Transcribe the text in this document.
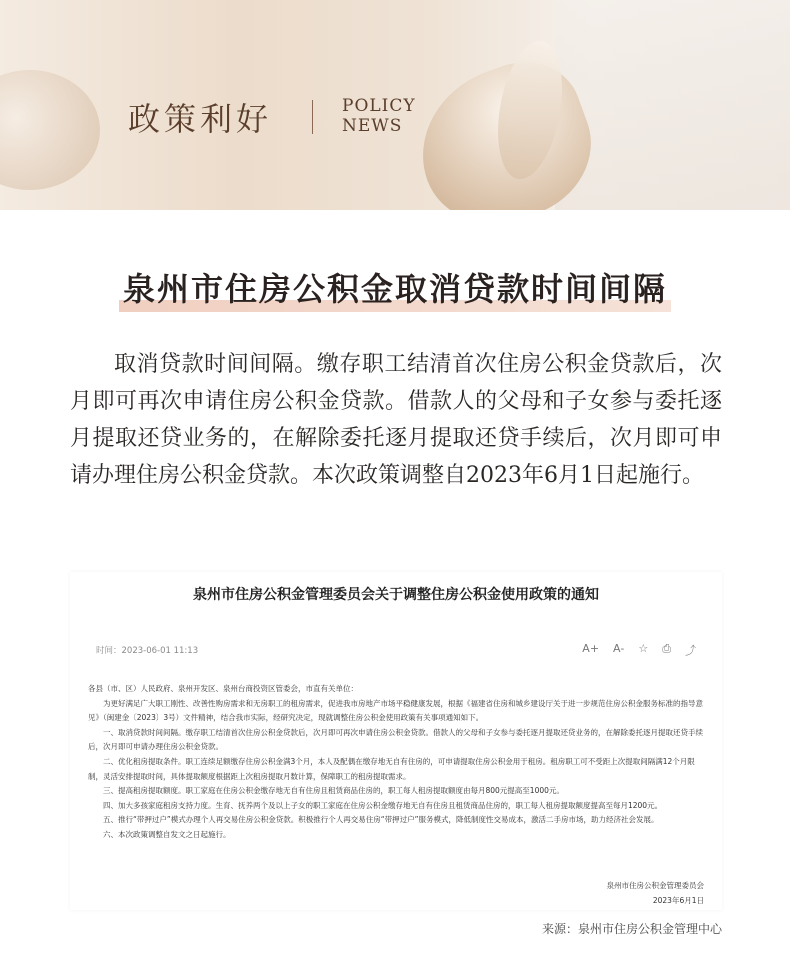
政策利好	POLICY
NEWS
泉州市住房公积金取消贷款时间间隔
取消贷款时间间隔。缴存职工结清首次住房公积金贷款后，次月即可再次申请住房公积金贷款。借款人的父母和子女参与委托逐月提取还贷业务的，在解除委托逐月提取还贷手续后，次月即可申请办理住房公积金贷款。本次政策调整自2023年6月1日起施行。
泉州市住房公积金管理委员会关于调整住房公积金使用政策的通知
时间：2023-06-01 11:13	A+ A- ☆ ⎙ ⤴

各县（市、区）人民政府、泉州开发区、泉州台商投资区管委会，市直有关单位：

为更好满足广大职工刚性、改善性购房需求和无房职工的租房需求，促进我市房地产市场平稳健康发展，根据《福建省住房和城乡建设厅关于进一步规范住房公积金服务标准的指导意见》（闽建金〔2023〕3号）文件精神，结合我市实际，经研究决定，现就调整住房公积金使用政策有关事项通知如下。

一、取消贷款时间间隔。缴存职工结清首次住房公积金贷款后，次月即可再次申请住房公积金贷款。借款人的父母和子女参与委托逐月提取还贷业务的，在解除委托逐月提取还贷手续后，次月即可申请办理住房公积金贷款。

二、优化租房提取条件。职工连续足额缴存住房公积金满3个月，本人及配偶在缴存地无自有住房的，可申请提取住房公积金用于租房。租房职工可不受距上次提取间隔满12个月限制，灵活安排提取时间，具体提取额度根据距上次租房提取月数计算，保障职工的租房提取需求。

三、提高租房提取额度。职工家庭在住房公积金缴存地无自有住房且租赁商品住房的，职工每人租房提取额度由每月800元提高至1000元。

四、加大多孩家庭租房支持力度。生育、抚养两个及以上子女的职工家庭在住房公积金缴存地无自有住房且租赁商品住房的，职工每人租房提取额度提高至每月1200元。

五、推行“带押过户”模式办理个人再交易住房公积金贷款。积极推行个人再交易住房“带押过户”服务模式，降低制度性交易成本，激活二手房市场，助力经济社会发展。

六、本次政策调整自发文之日起施行。

泉州市住房公积金管理委员会
2023年6月1日
来源：泉州市住房公积金管理中心
